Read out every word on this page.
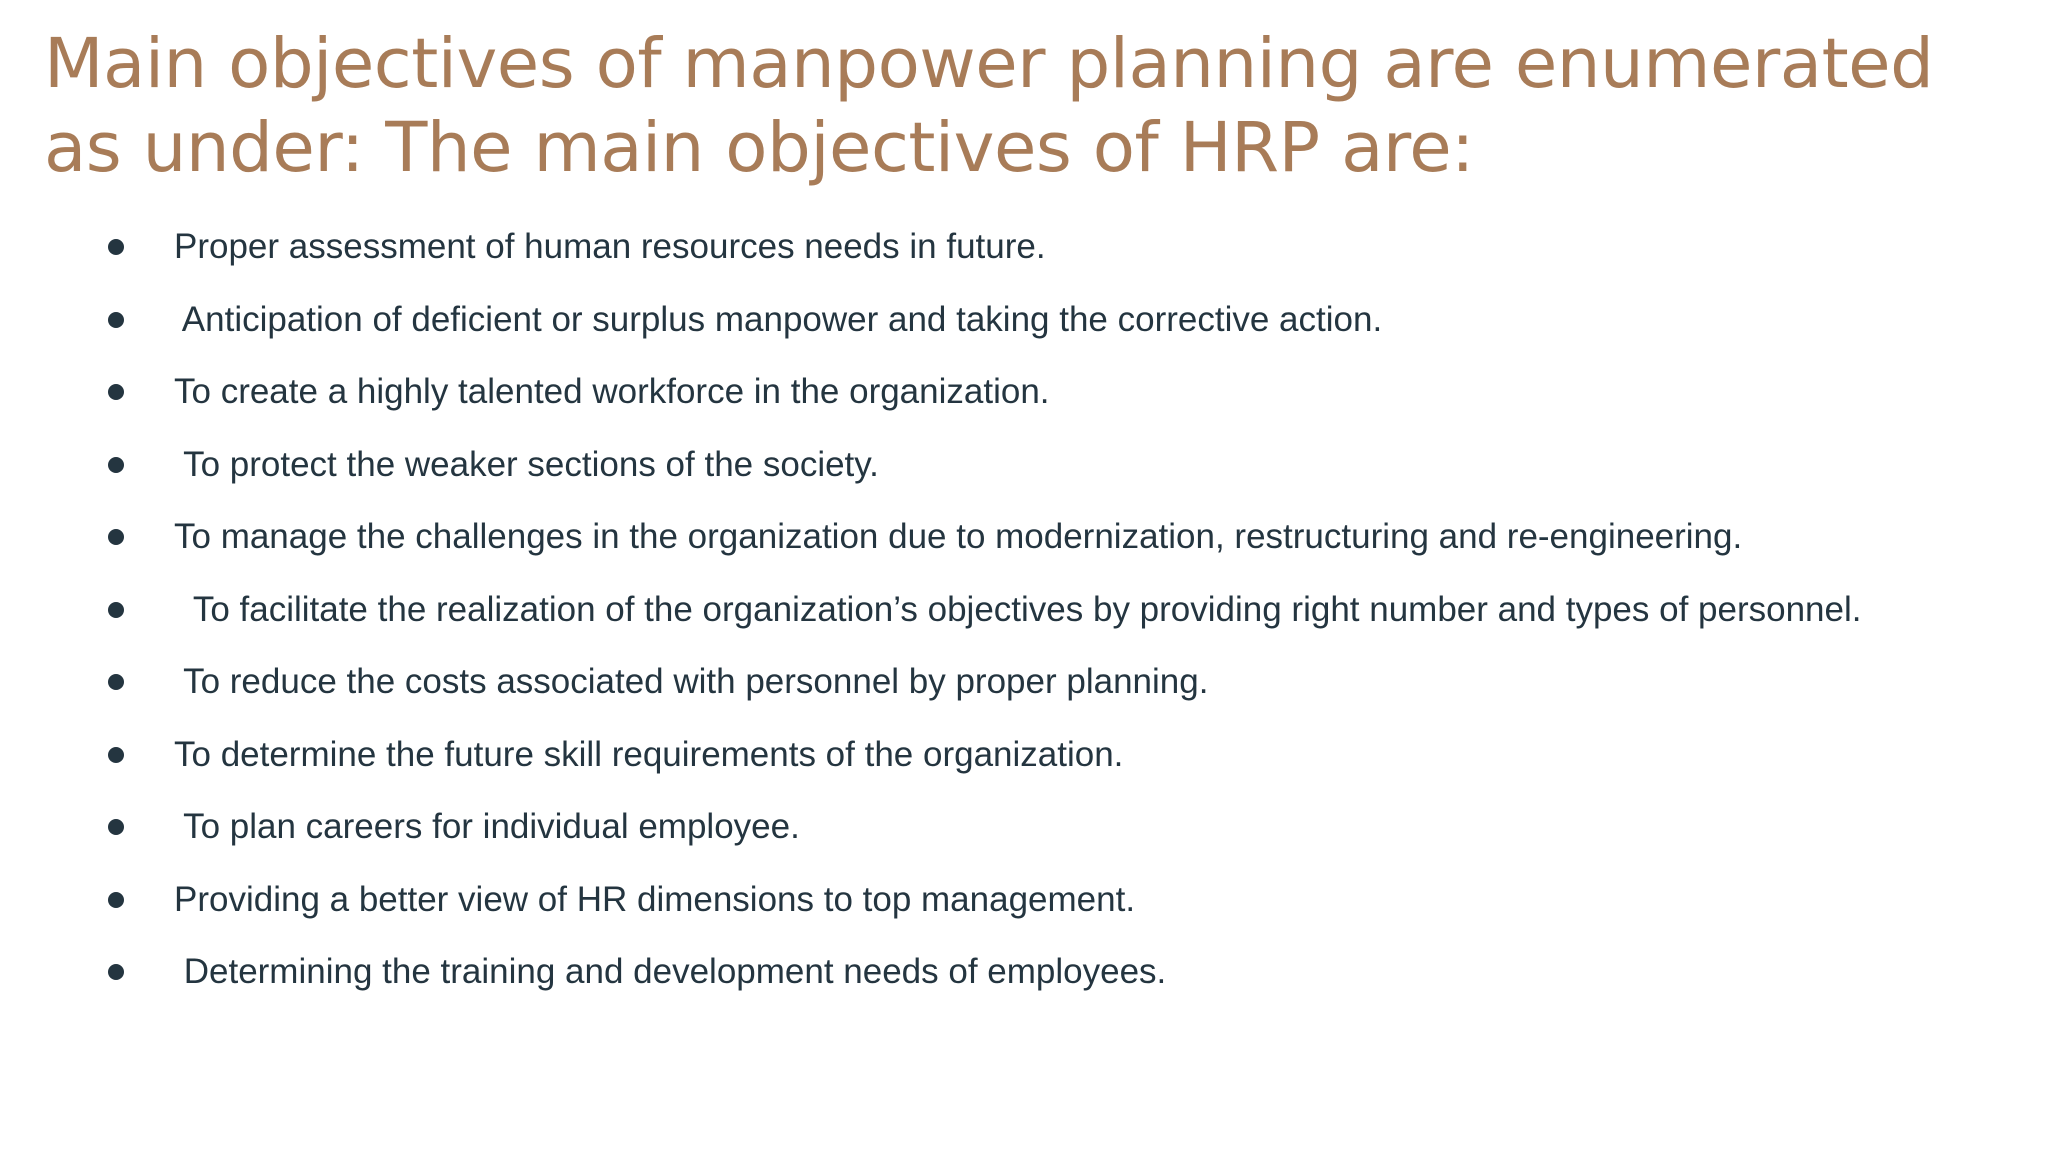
Main objectives of manpower planning are enumerated as under: The main objectives of HRP are:
Proper assessment of human resources needs in future.
Anticipation of deficient or surplus manpower and taking the corrective action.
To create a highly talented workforce in the organization.
To protect the weaker sections of the society.
To manage the challenges in the organization due to modernization, restructuring and re-engineering.
To facilitate the realization of the organization’s objectives by providing right number and types of personnel.
To reduce the costs associated with personnel by proper planning.
To determine the future skill requirements of the organization.
To plan careers for individual employee.
Providing a better view of HR dimensions to top management.
Determining the training and development needs of employees.
